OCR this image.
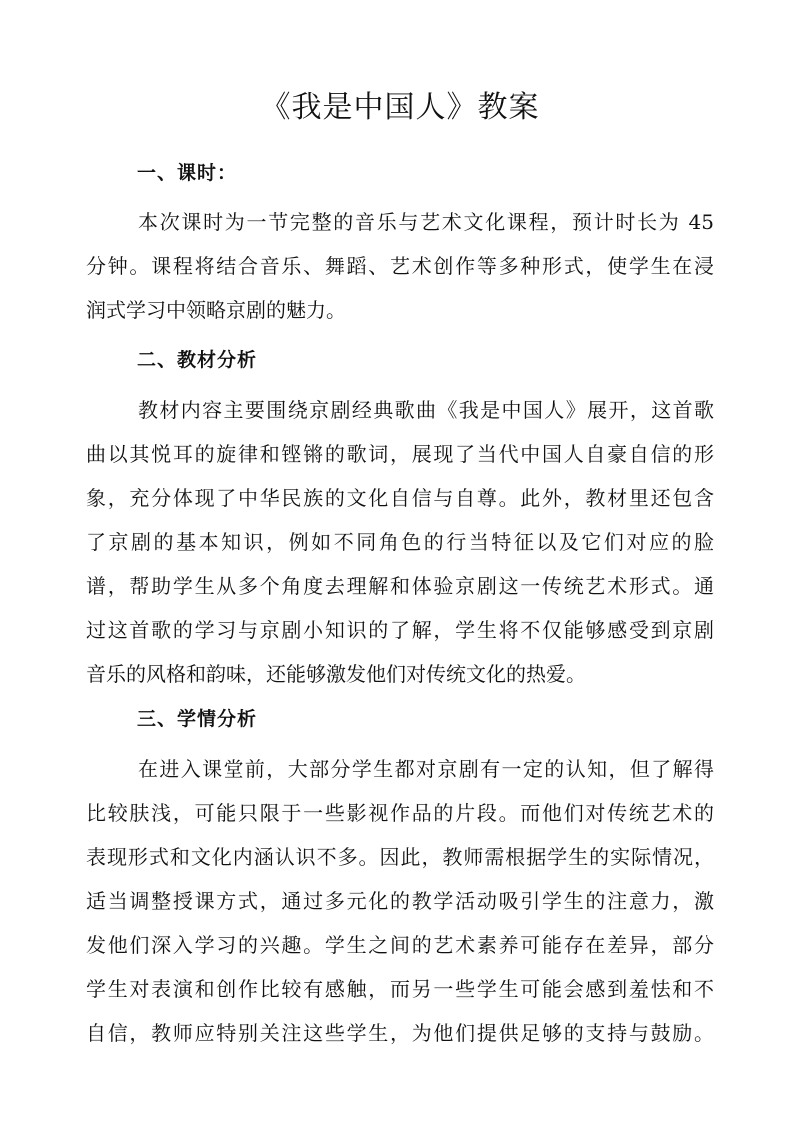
《我是中国人》教案
一、课时：
本次课时为一节完整的音乐与艺术文化课程，预计时长为 45
分钟。课程将结合音乐、舞蹈、艺术创作等多种形式，使学生在浸
润式学习中领略京剧的魅力。
二、教材分析
教材内容主要围绕京剧经典歌曲《我是中国人》展开，这首歌
曲以其悦耳的旋律和铿锵的歌词，展现了当代中国人自豪自信的形
象，充分体现了中华民族的文化自信与自尊。此外，教材里还包含
了京剧的基本知识，例如不同角色的行当特征以及它们对应的脸
谱，帮助学生从多个角度去理解和体验京剧这一传统艺术形式。通
过这首歌的学习与京剧小知识的了解，学生将不仅能够感受到京剧
音乐的风格和韵味，还能够激发他们对传统文化的热爱。
三、学情分析
在进入课堂前，大部分学生都对京剧有一定的认知，但了解得
比较肤浅，可能只限于一些影视作品的片段。而他们对传统艺术的
表现形式和文化内涵认识不多。因此，教师需根据学生的实际情况，
适当调整授课方式，通过多元化的教学活动吸引学生的注意力，激
发他们深入学习的兴趣。学生之间的艺术素养可能存在差异，部分
学生对表演和创作比较有感触，而另一些学生可能会感到羞怯和不
自信，教师应特别关注这些学生，为他们提供足够的支持与鼓励。
